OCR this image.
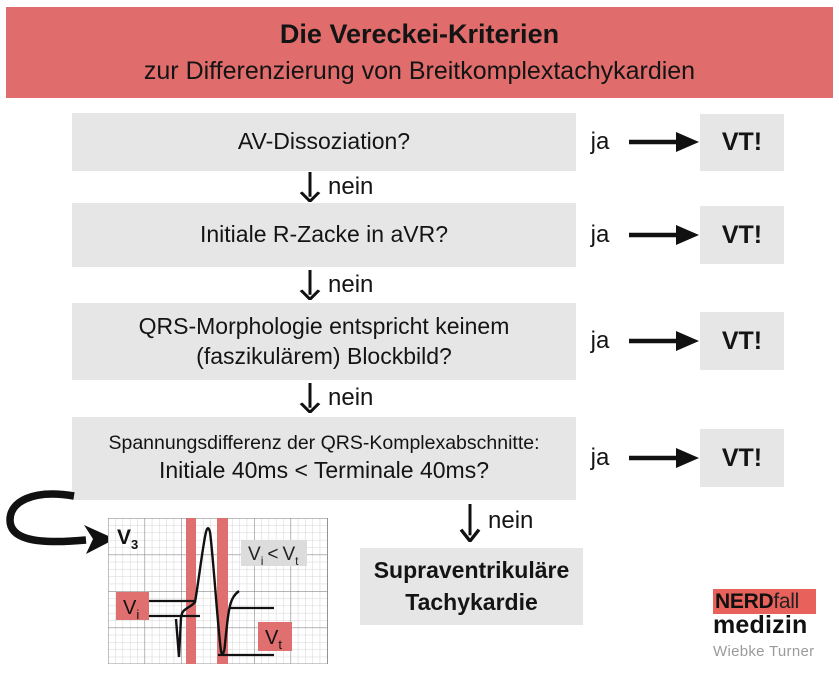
Die Vereckei-Kriterien
zur Differenzierung von Breitkomplextachykardien
AV-Dissoziation?	ja	VT!
nein
Initiale R-Zacke in aVR?	ja	VT!
nein
QRS-Morphologie entspricht keinem
(faszikulärem) Blockbild?
ja	VT!
nein
Spannungsdifferenz der QRS-Komplexabschnitte:
Initiale 40ms < Terminale 40ms?	ja	VT!
nein
Supraventrikuläre
Tachykardie
$V_3$	$V_i < V_t$
$V_i$
$V_t$
NERD fall
medizin
Wiebke Turner
